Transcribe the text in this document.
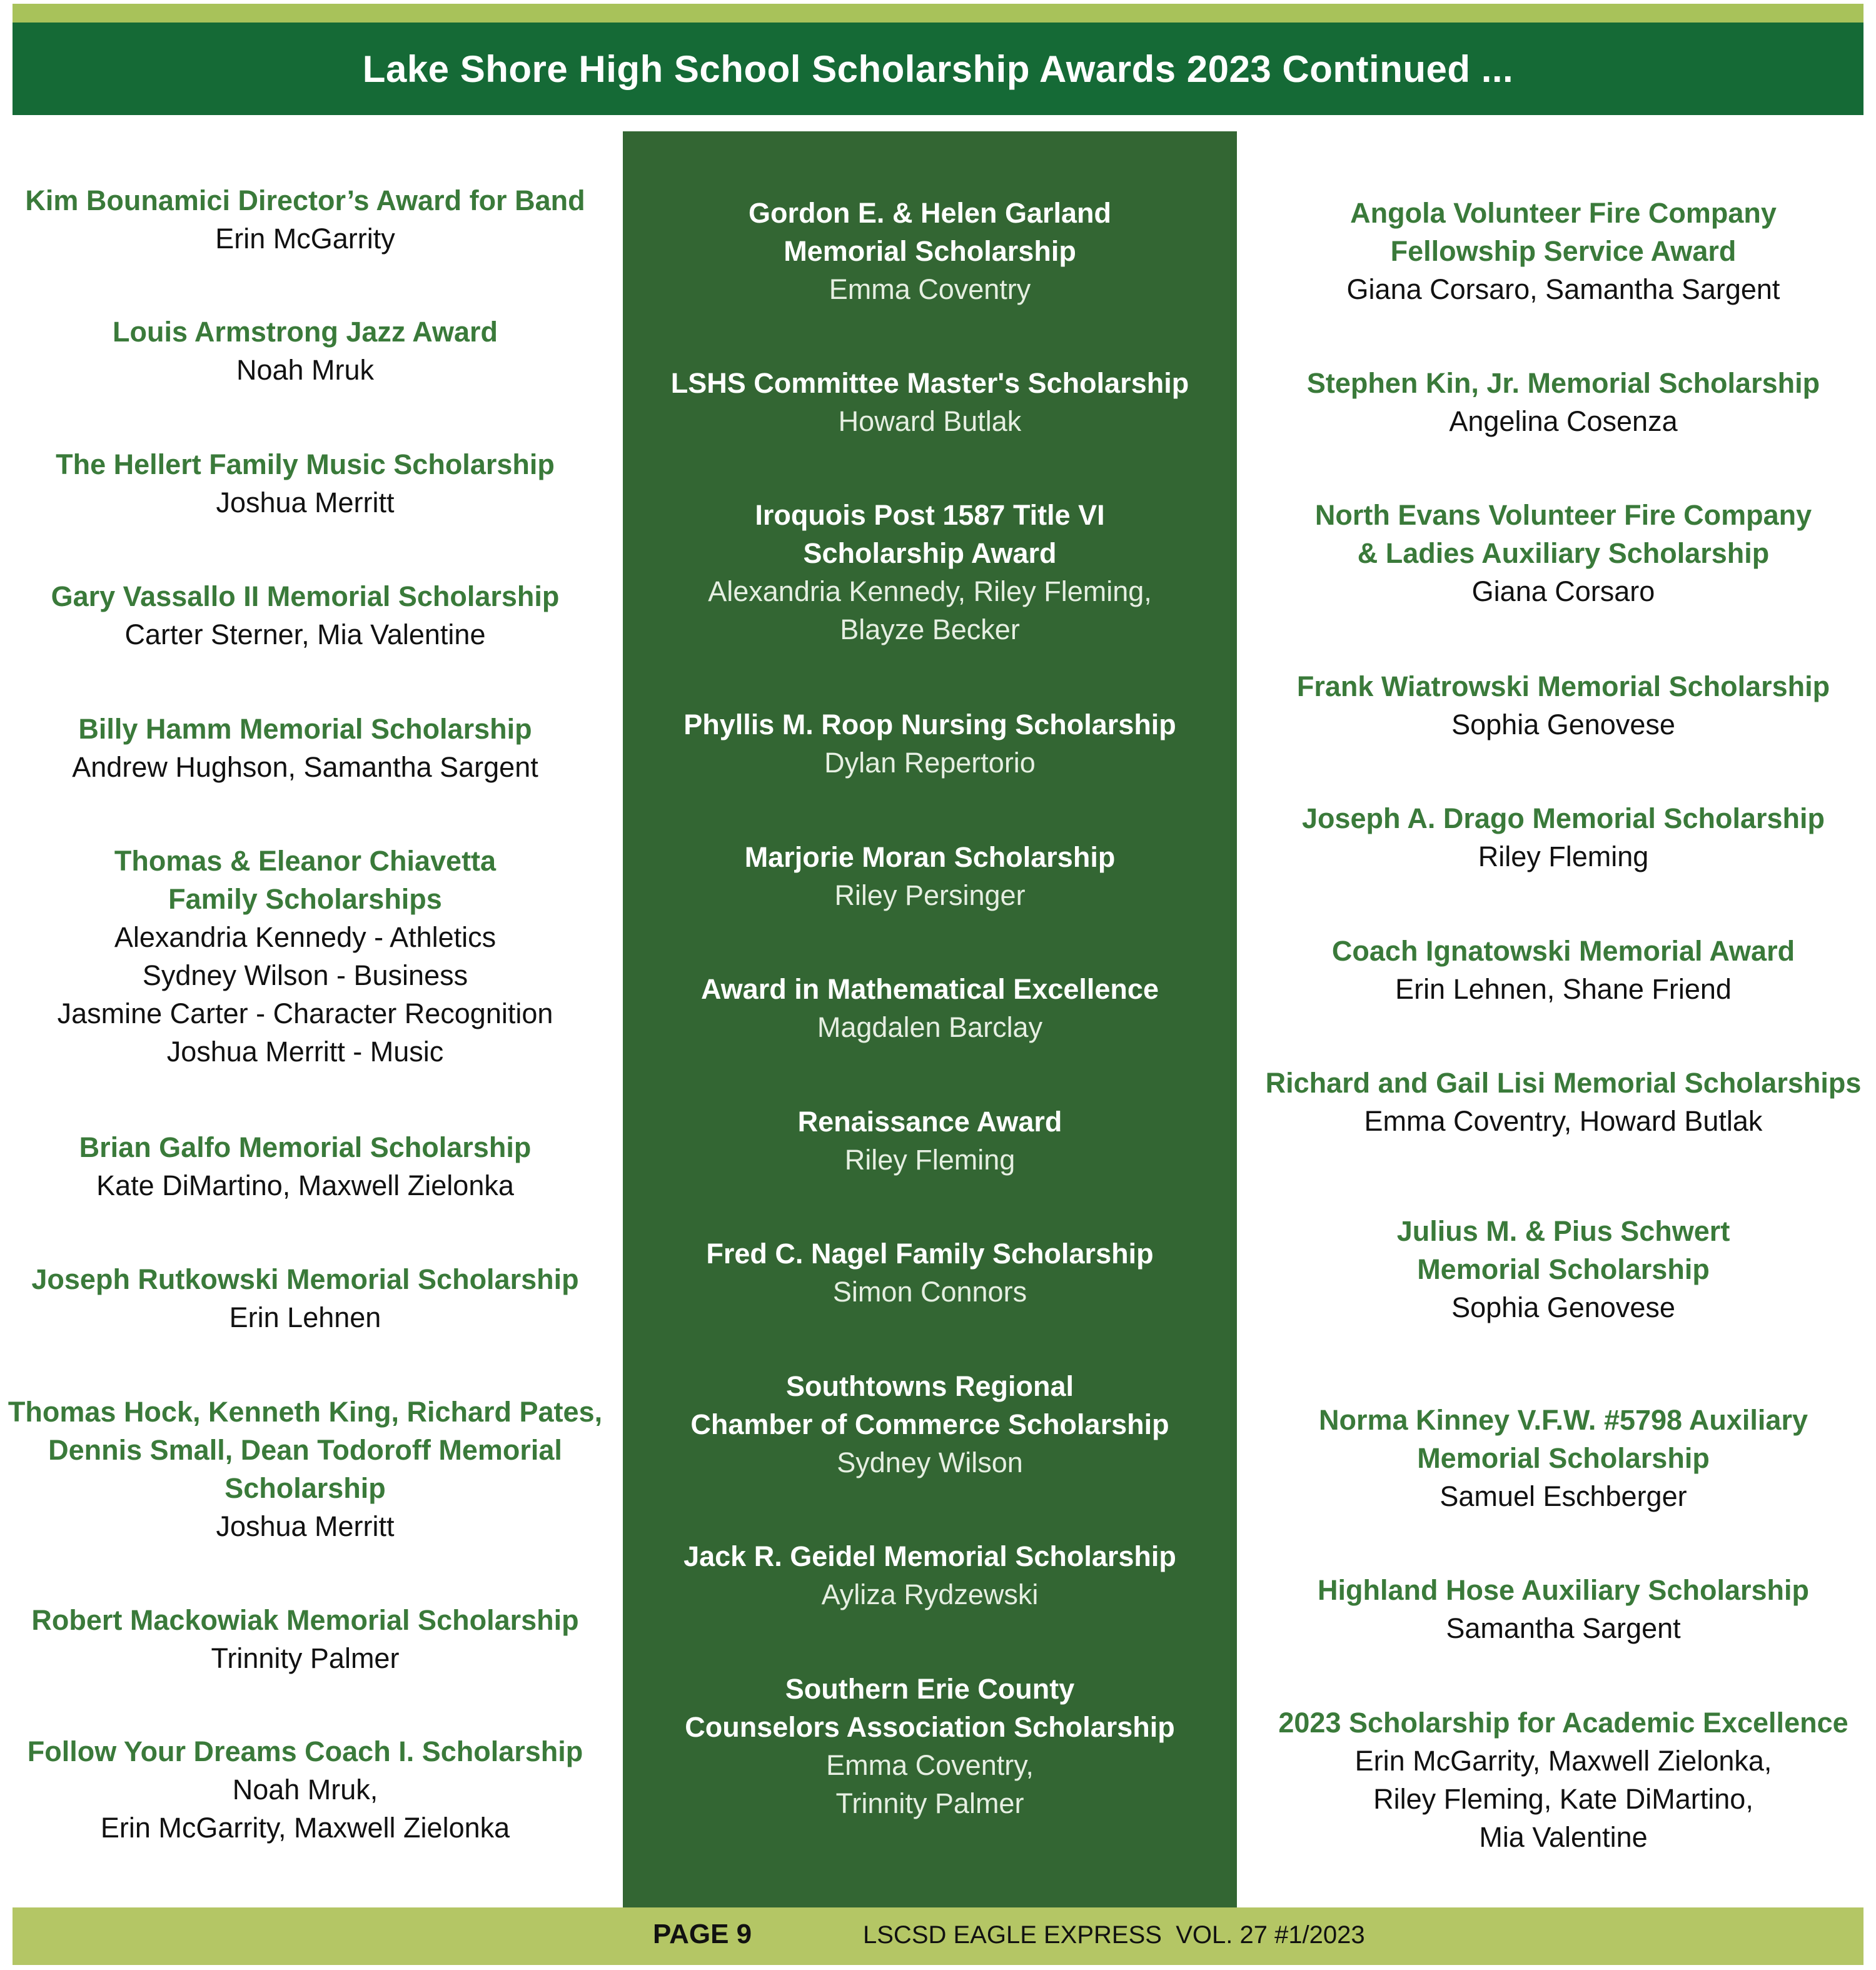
Lake Shore High School Scholarship Awards 2023 Continued ...
Kim Bounamici Director’s Award for Band
Erin McGarrity
Louis Armstrong Jazz Award
Noah Mruk
The Hellert Family Music Scholarship
Joshua Merritt
Gary Vassallo II Memorial Scholarship
Carter Sterner, Mia Valentine
Billy Hamm Memorial Scholarship
Andrew Hughson, Samantha Sargent
Thomas & Eleanor Chiavetta
Family Scholarships
Alexandria Kennedy - Athletics
Sydney Wilson - Business
Jasmine Carter - Character Recognition
Joshua Merritt - Music
Brian Galfo Memorial Scholarship
Kate DiMartino, Maxwell Zielonka
Joseph Rutkowski Memorial Scholarship
Erin Lehnen
Thomas Hock, Kenneth King, Richard Pates,
Dennis Small, Dean Todoroff Memorial
Scholarship
Joshua Merritt
Robert Mackowiak Memorial Scholarship
Trinnity Palmer
Follow Your Dreams Coach I. Scholarship
Noah Mruk,
Erin McGarrity, Maxwell Zielonka
Gordon E. & Helen Garland
Memorial Scholarship
Emma Coventry
LSHS Committee Master's Scholarship
Howard Butlak
Iroquois Post 1587 Title VI
Scholarship Award
Alexandria Kennedy, Riley Fleming,
Blayze Becker
Phyllis M. Roop Nursing Scholarship
Dylan Repertorio
Marjorie Moran Scholarship
Riley Persinger
Award in Mathematical Excellence
Magdalen Barclay
Renaissance Award
Riley Fleming
Fred C. Nagel Family Scholarship
Simon Connors
Southtowns Regional
Chamber of Commerce Scholarship
Sydney Wilson
Jack R. Geidel Memorial Scholarship
Ayliza Rydzewski
Southern Erie County
Counselors Association Scholarship
Emma Coventry,
Trinnity Palmer
Angola Volunteer Fire Company
Fellowship Service Award
Giana Corsaro, Samantha Sargent
Stephen Kin, Jr. Memorial Scholarship
Angelina Cosenza
North Evans Volunteer Fire Company
& Ladies Auxiliary Scholarship
Giana Corsaro
Frank Wiatrowski Memorial Scholarship
Sophia Genovese
Joseph A. Drago Memorial Scholarship
Riley Fleming
Coach Ignatowski Memorial Award
Erin Lehnen, Shane Friend
Richard and Gail Lisi Memorial Scholarships
Emma Coventry, Howard Butlak
Julius M. & Pius Schwert
Memorial Scholarship
Sophia Genovese
Norma Kinney V.F.W. #5798 Auxiliary
Memorial Scholarship
Samuel Eschberger
Highland Hose Auxiliary Scholarship
Samantha Sargent
2023 Scholarship for Academic Excellence
Erin McGarrity, Maxwell Zielonka,
Riley Fleming, Kate DiMartino,
Mia Valentine
PAGE 9	LSCSD EAGLE EXPRESS  VOL. 27 #1/2023
